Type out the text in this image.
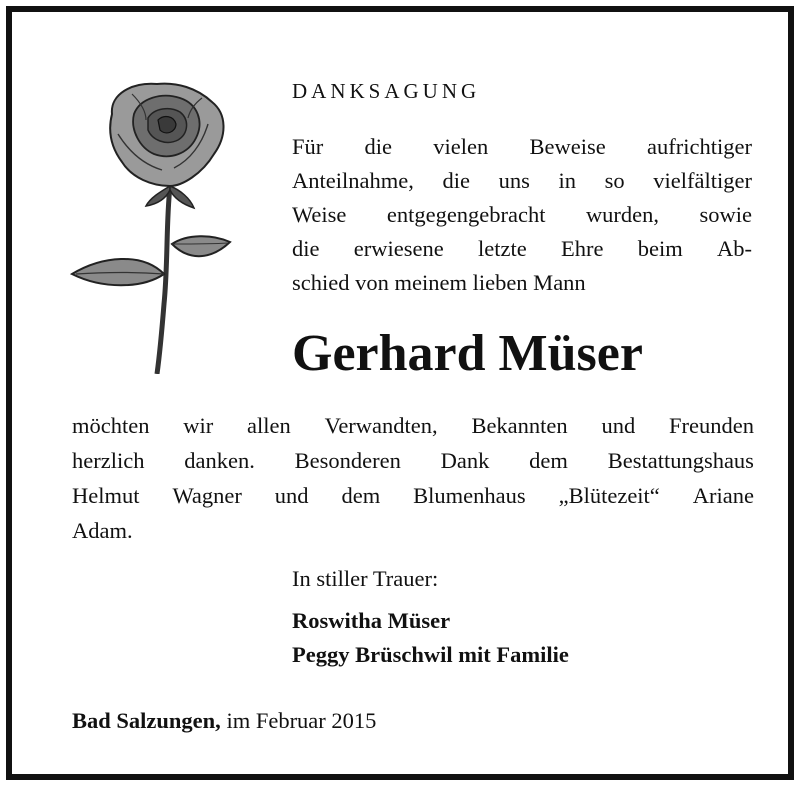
DANKSAGUNG
Für die vielen Beweise aufrichtiger
Anteilnahme, die uns in so vielfältiger
Weise entgegengebracht wurden, sowie
die erwiesene letzte Ehre beim Ab-
schied von meinem lieben Mann
Gerhard Müser
möchten wir allen Verwandten, Bekannten und Freunden
herzlich danken. Besonderen Dank dem Bestattungshaus
Helmut Wagner und dem Blumenhaus „Blütezeit“ Ariane
Adam.
In stiller Trauer:
Roswitha Müser
Peggy Brüschwil mit Familie
Bad Salzungen, im Februar 2015
